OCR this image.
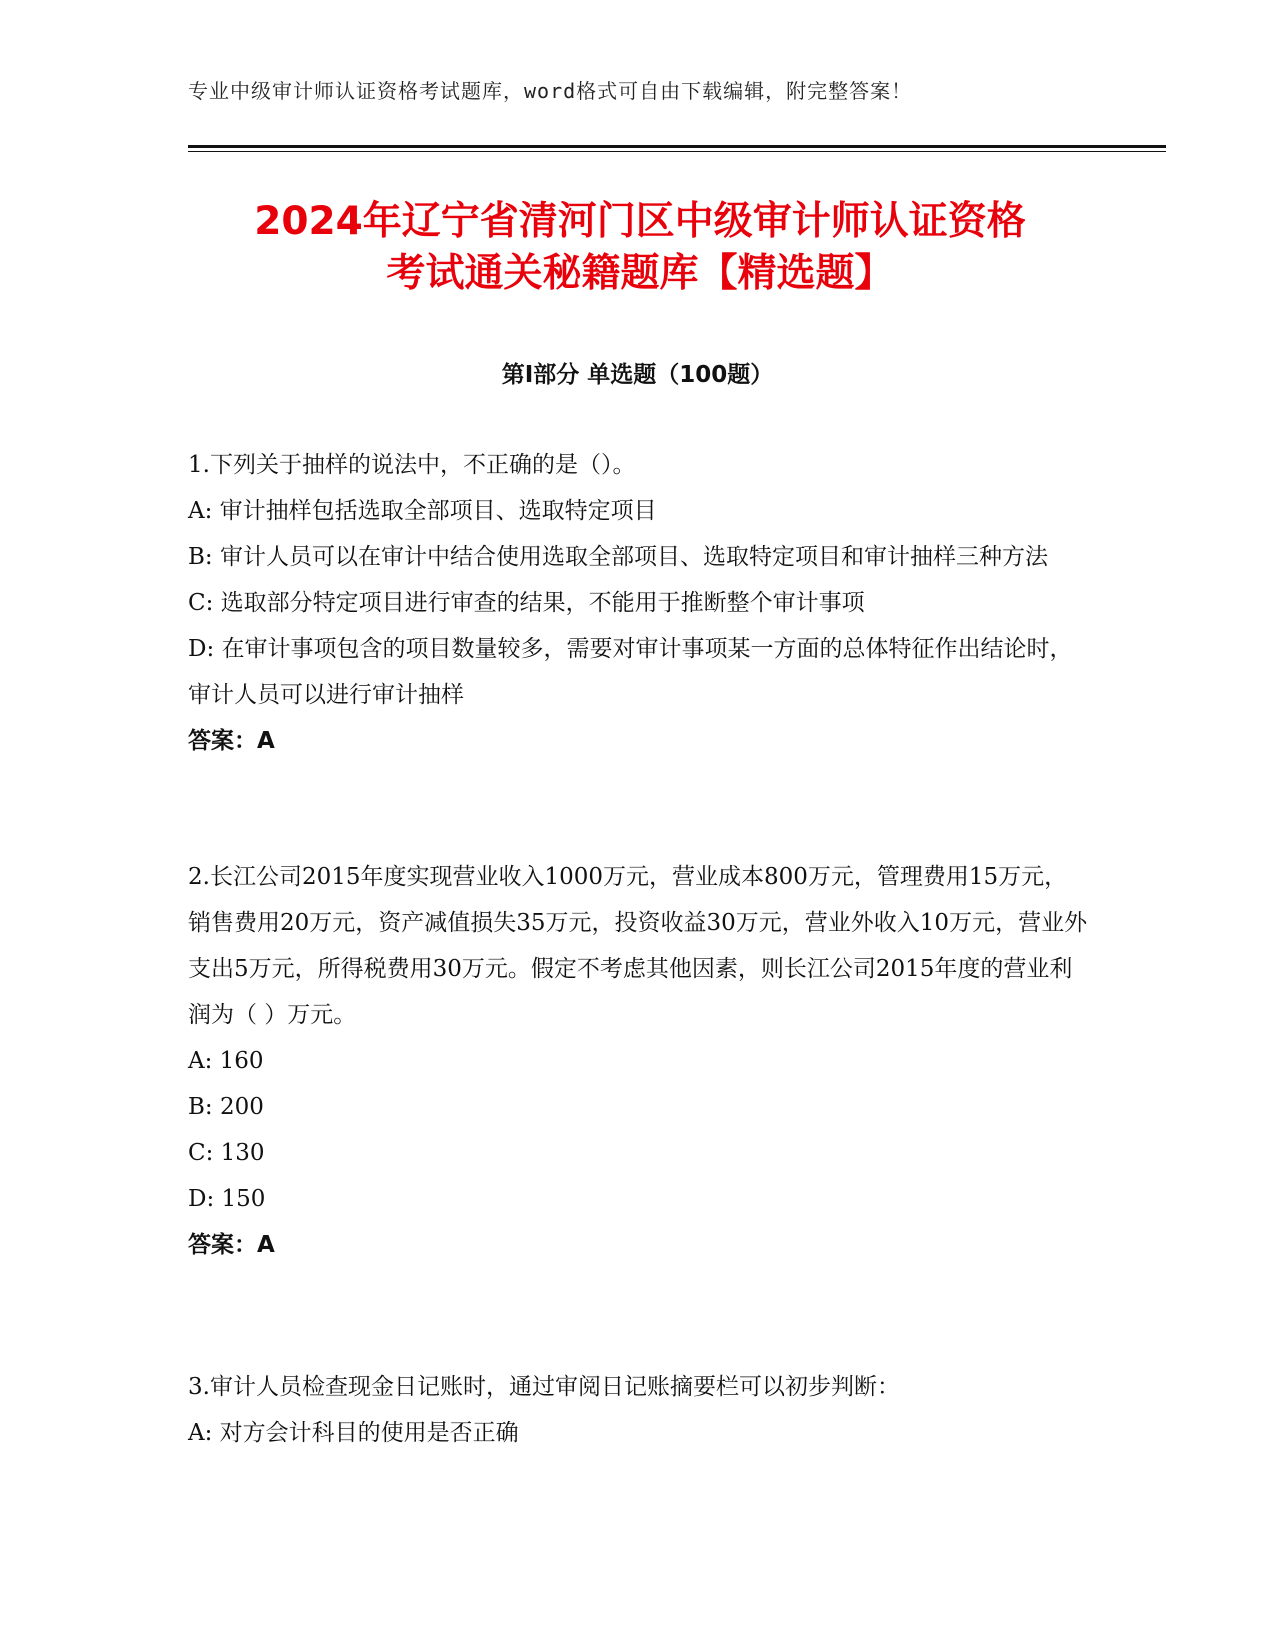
专业中级审计师认证资格考试题库，word格式可自由下载编辑，附完整答案！
2024年辽宁省清河门区中级审计师认证资格
考试通关秘籍题库【精选题】
第Ⅰ部分 单选题（100题）

1.下列关于抽样的说法中，不正确的是（）。

A: 审计抽样包括选取全部项目、选取特定项目

B: 审计人员可以在审计中结合使用选取全部项目、选取特定项目和审计抽样三种方法

C: 选取部分特定项目进行审查的结果，不能用于推断整个审计事项

D: 在审计事项包含的项目数量较多，需要对审计事项某一方面的总体特征作出结论时，审计人员可以进行审计抽样

答案：A

2.长江公司2015年度实现营业收入1000万元，营业成本800万元，管理费用15万元，销售费用20万元，资产减值损失35万元，投资收益30万元，营业外收入10万元，营业外支出5万元，所得税费用30万元。假定不考虑其他因素，则长江公司2015年度的营业利润为（ ）万元。

A: 160

B: 200

C: 130

D: 150

答案：A

3.审计人员检查现金日记账时，通过审阅日记账摘要栏可以初步判断：

A: 对方会计科目的使用是否正确
